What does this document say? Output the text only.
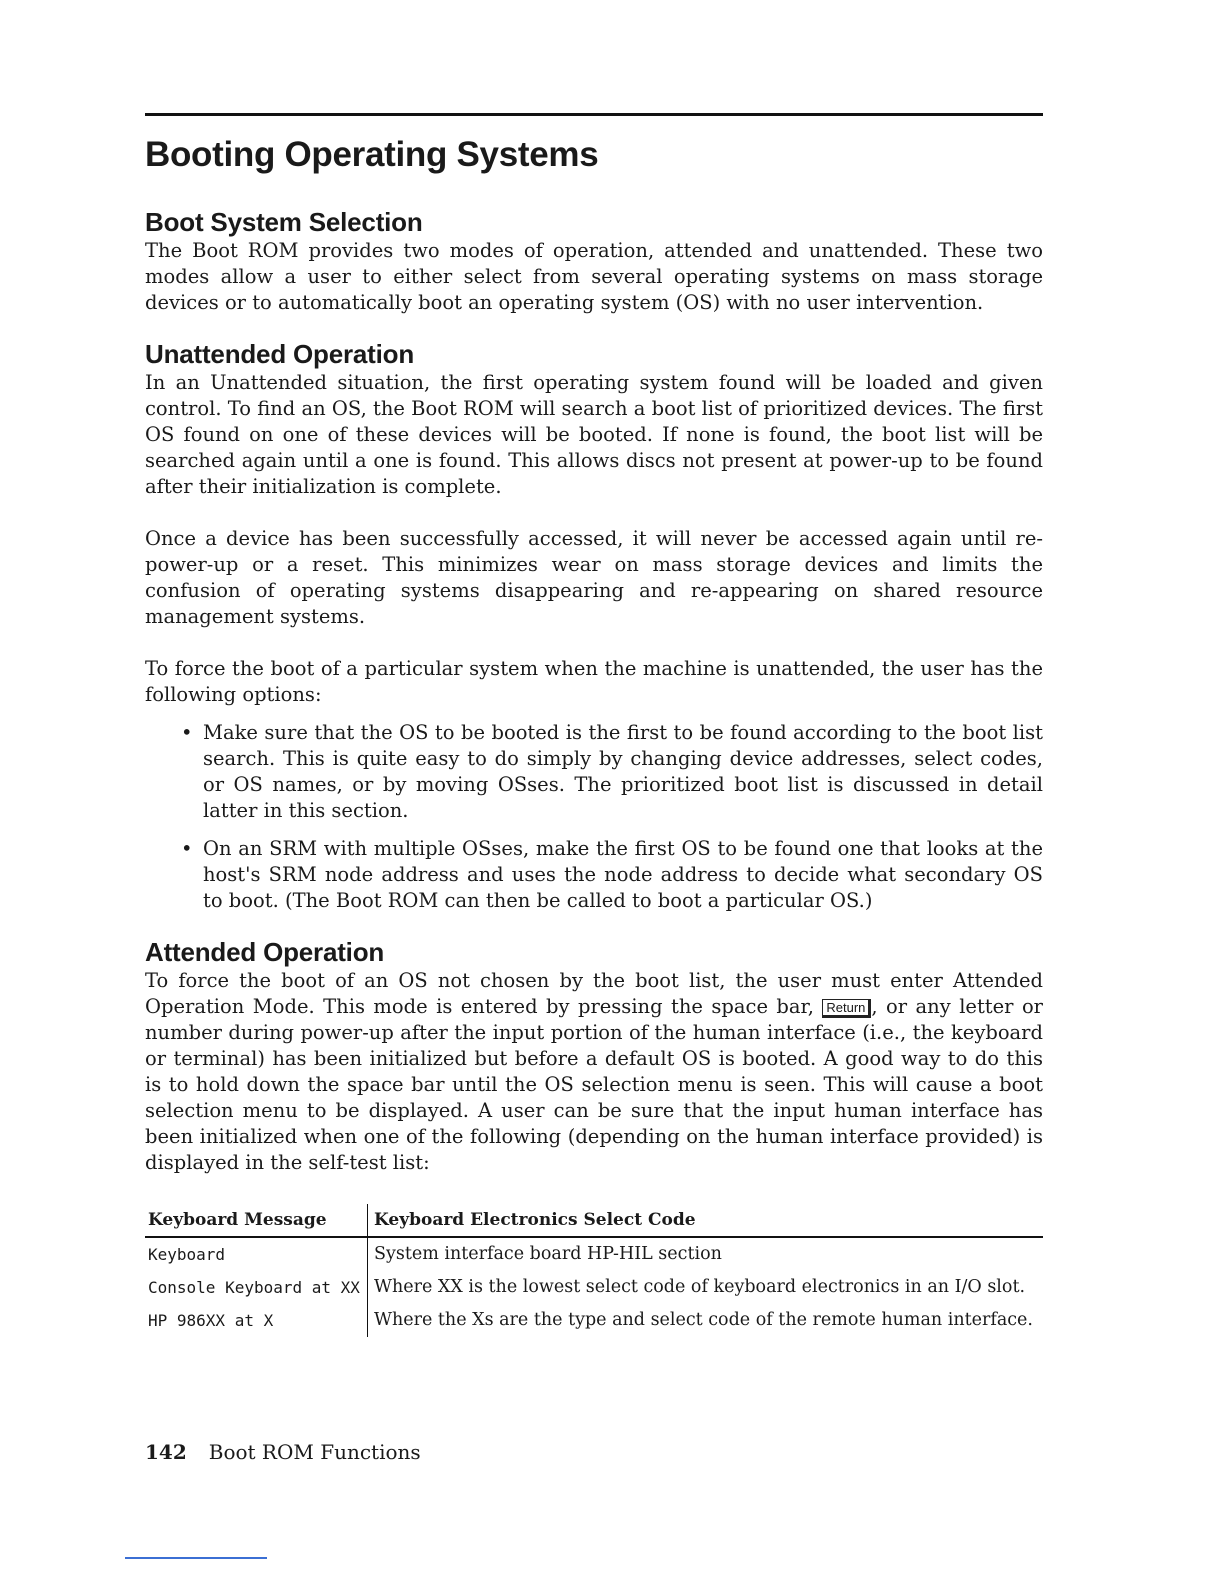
Booting Operating Systems
Boot System Selection

The Boot ROM provides two modes of operation, attended and unattended. These two modes allow a user to either select from several operating systems on mass storage devices or to automatically boot an operating system (OS) with no user intervention.

Unattended Operation

In an Unattended situation, the first operating system found will be loaded and given control. To find an OS, the Boot ROM will search a boot list of prioritized devices. The first OS found on one of these devices will be booted. If none is found, the boot list will be searched again until a one is found. This allows discs not present at power-up to be found after their initialization is complete.

Once a device has been successfully accessed, it will never be accessed again until re-power-up or a reset. This minimizes wear on mass storage devices and limits the confusion of operating systems disappearing and re-appearing on shared resource management systems.

To force the boot of a particular system when the machine is unattended, the user has the following options:

• Make sure that the OS to be booted is the first to be found according to the boot list search. This is quite easy to do simply by changing device addresses, select codes, or OS names, or by moving OSses. The prioritized boot list is discussed in detail latter in this section.
• On an SRM with multiple OSses, make the first OS to be found one that looks at the host's SRM node address and uses the node address to decide what secondary OS to boot. (The Boot ROM can then be called to boot a particular OS.)
Attended Operation

To force the boot of an OS not chosen by the boot list, the user must enter Attended Operation Mode. This mode is entered by pressing the space bar, Return , or any letter or number during power-up after the input portion of the human interface (i.e., the keyboard or terminal) has been initialized but before a default OS is booted. A good way to do this is to hold down the space bar until the OS selection menu is seen. This will cause a boot selection menu to be displayed. A user can be sure that the input human interface has been initialized when one of the following (depending on the human interface provided) is displayed in the self-test list:

Keyboard Message	Keyboard Electronics Select Code
Keyboard	System interface board HP-HIL section
Console Keyboard at XX	Where XX is the lowest select code of keyboard electronics in an I/O slot.
HP 986XX at X	Where the Xs are the type and select code of the remote human interface.
142 Boot ROM Functions
